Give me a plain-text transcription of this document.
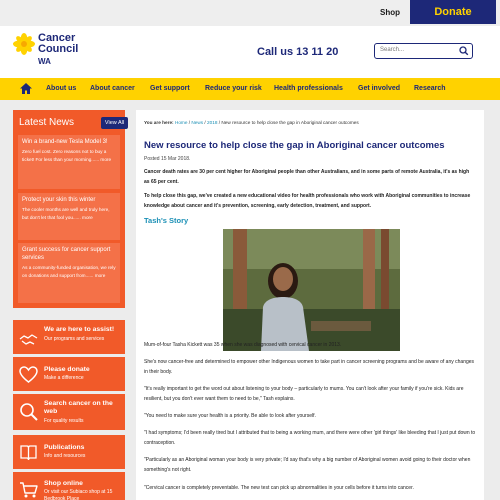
Shop	Donate
Cancer
Council
WA
Call us 13 11 20	Search...
About us About cancer Get support Reduce your risk Health professionals Get involved Research
Latest News	View All
Win a brand-new Tesla Model 3!
Zero fuel cost. Zero reasons not to buy a ticket! For less than your morning...... more
Protect your skin this winter
The cooler months are well and truly here, but don't let that fool you...... more
Grant success for cancer support services
As a community-funded organisation, we rely on donations and support from...... more
We are here to assist!
Our programs and services
Please donate
Make a difference
Search cancer on the web
For quality results
Publications
Info and resources
Shop online
Or visit our Subiaco shop at 15 Bedbrook Place
You are here: Home / News / 2018 / New resource to help close the gap in Aboriginal cancer outcomes
New resource to help close the gap in Aboriginal cancer outcomes
Posted 15 Mar 2018.
Cancer death rates are 30 per cent higher for Aboriginal people than other Australians, and in some parts of remote Australia, it's as high as 65 per cent.
To help close this gap, we've created a new educational video for health professionals who work with Aboriginal communities to increase knowledge about cancer and it's prevention, screening, early detection, treatment, and support.
Tash's Story
Mum-of-four Tasha Kickett was 35 when she was diagnosed with cervical cancer in 2013.
She's now cancer-free and determined to empower other Indigenous women to take part in cancer screening programs and be aware of any changes in their body.
"It's really important to get the word out about listening to your body – particularly to mums. You can't look after your family if you're sick. Kids are resilient, but you don't ever want them to need to be," Tash explains.
"You need to make sure your health is a priority. Be able to look after yourself.
"I had symptoms; I'd been really tired but I attributed that to being a working mum, and there were other 'girl things' like bleeding that I just put down to contraception.
"Particularly as an Aboriginal woman your body is very private; I'd say that's why a big number of Aboriginal women avoid going to their doctor when something's not right.
"Cervical cancer is completely preventable. The new test can pick up abnormalities in your cells before it turns into cancer.
